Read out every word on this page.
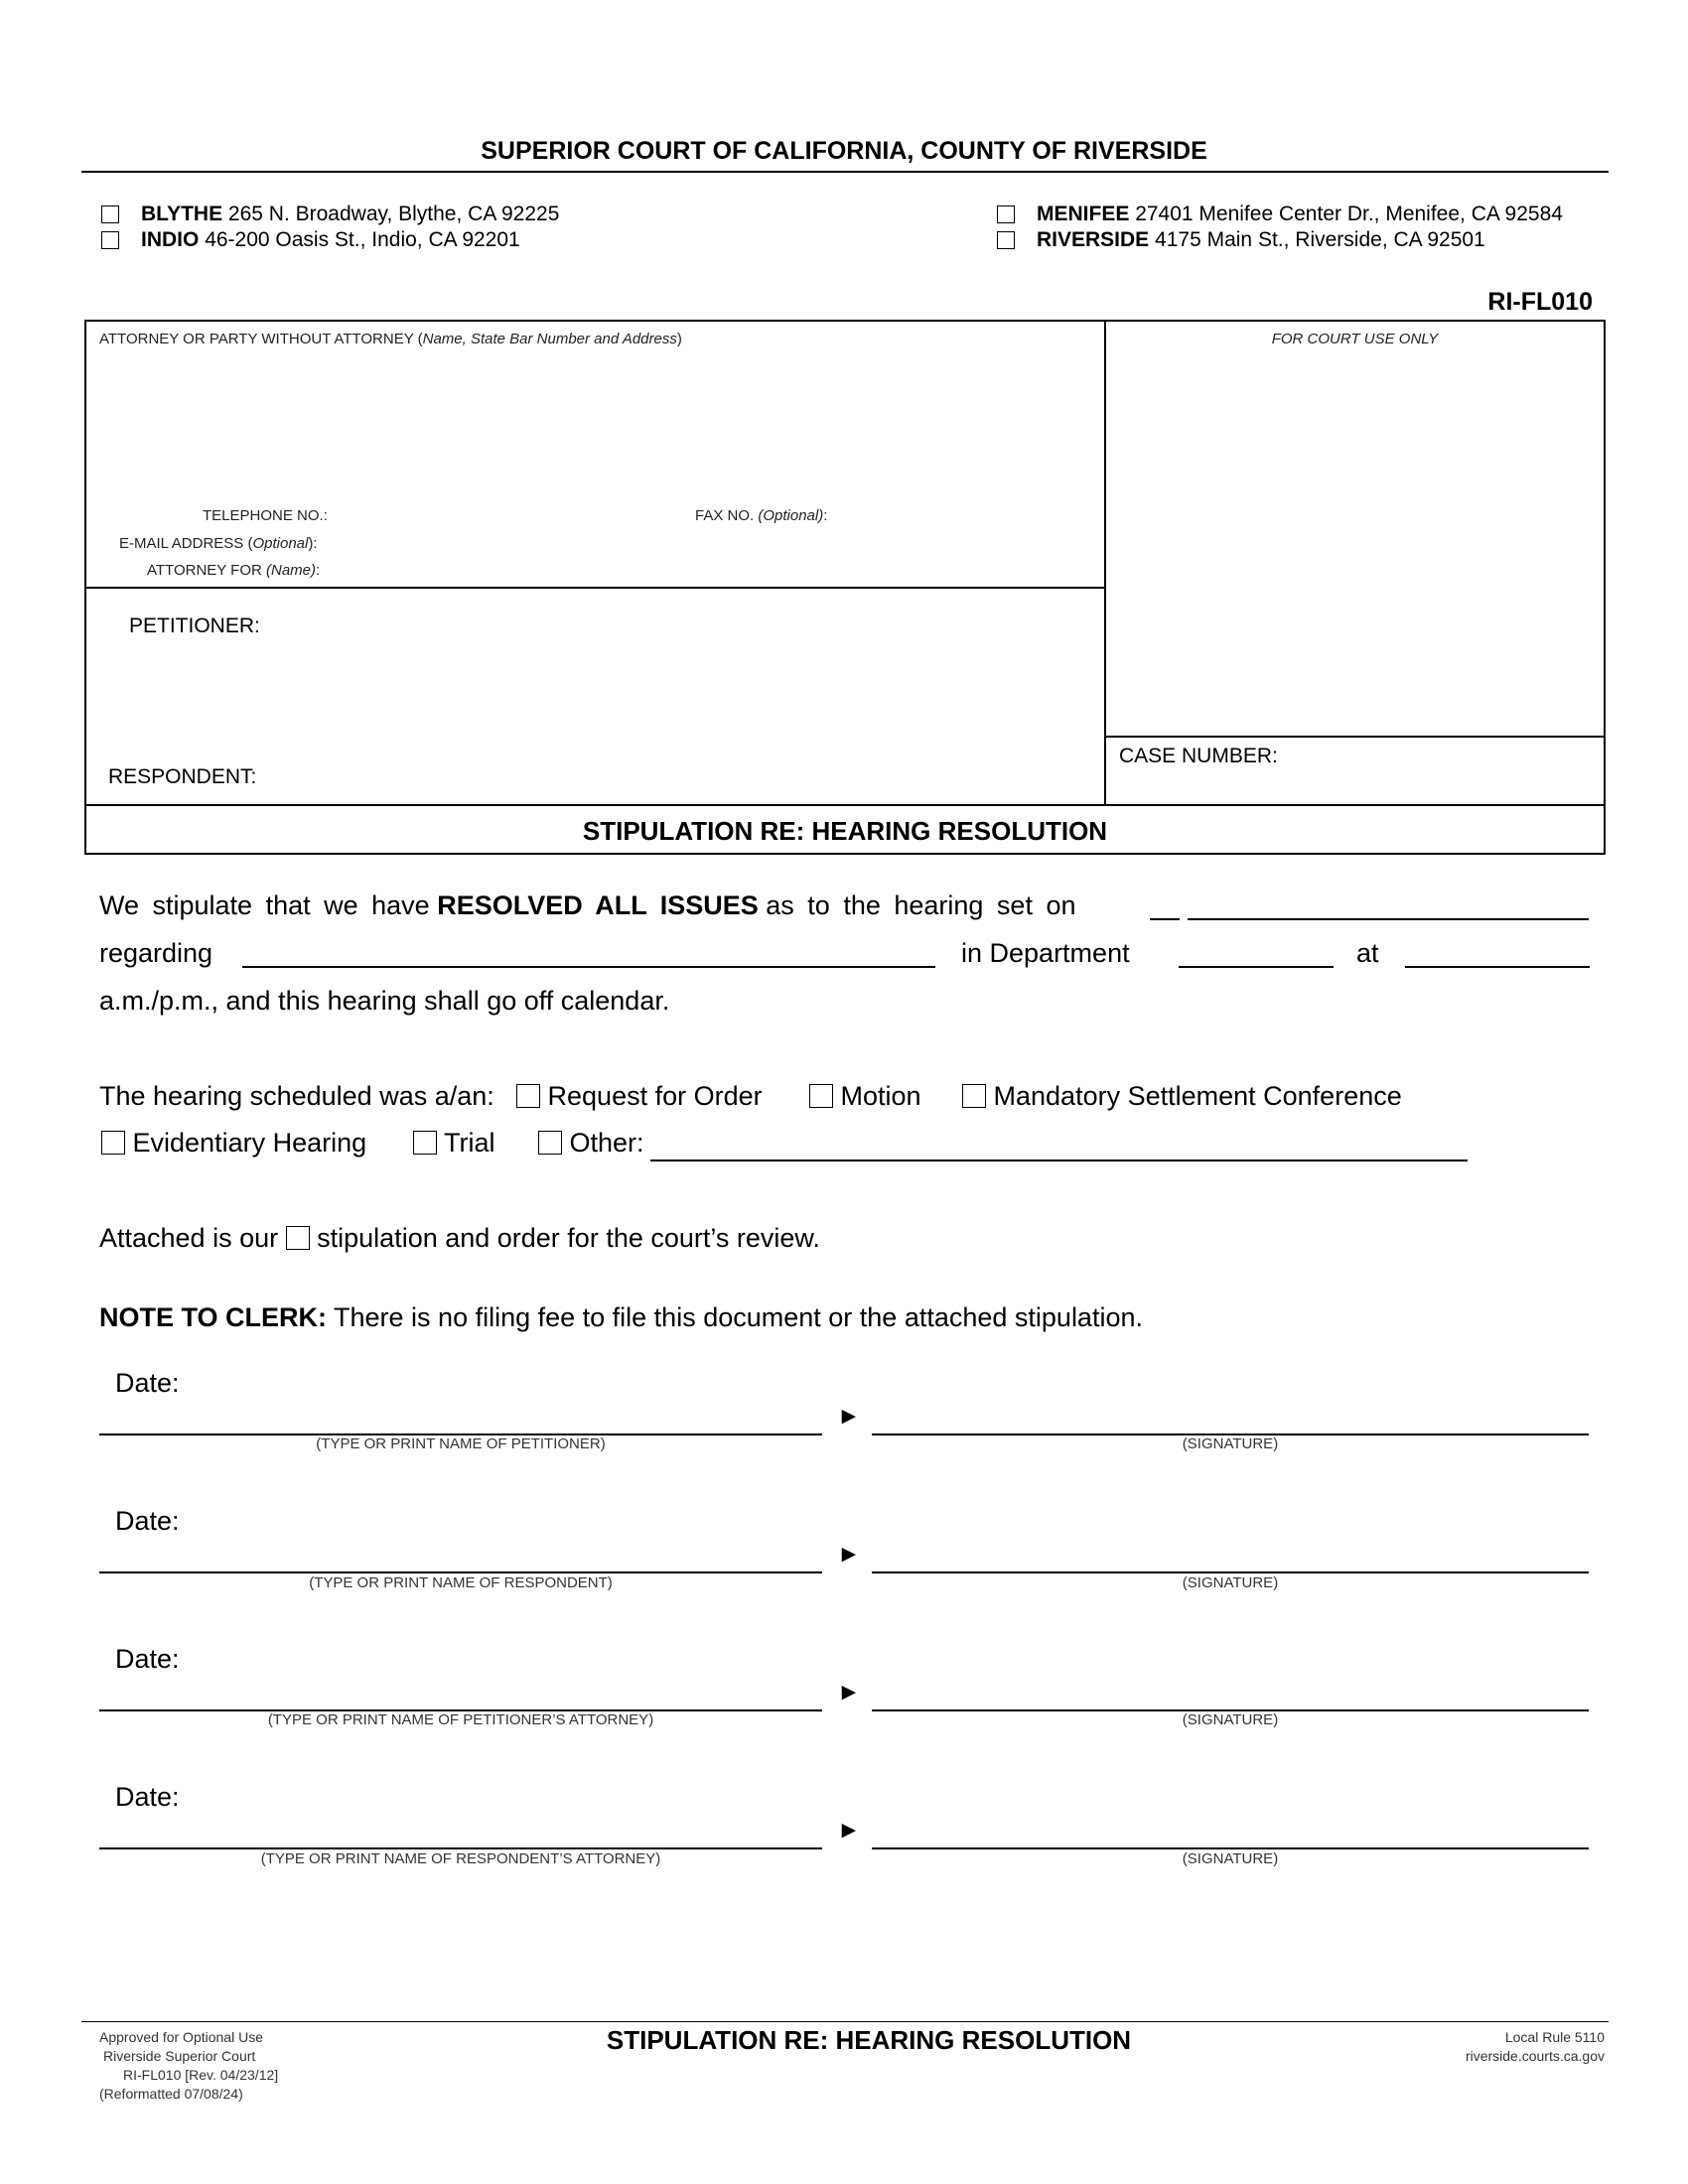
SUPERIOR COURT OF CALIFORNIA, COUNTY OF RIVERSIDE
BLYTHE 265 N. Broadway, Blythe, CA 92225
INDIO 46-200 Oasis St., Indio, CA 92201
MENIFEE 27401 Menifee Center Dr., Menifee, CA 92584
RIVERSIDE 4175 Main St., Riverside, CA 92501
RI-FL010
ATTORNEY OR PARTY WITHOUT ATTORNEY (Name, State Bar Number and Address)	FOR COURT USE ONLY
TELEPHONE NO.:	FAX NO. (Optional):
E-MAIL ADDRESS (Optional):
ATTORNEY FOR (Name):
PETITIONER:
RESPONDENT:
CASE NUMBER:
STIPULATION RE: HEARING RESOLUTION
We stipulate that we have RESOLVED ALL ISSUES as to the hearing set on
regarding	in Department	at
a.m./p.m., and this hearing shall go off calendar.
The hearing scheduled was a/an:	Request for Order	Motion	Mandatory Settlement Conference
Evidentiary Hearing	Trial	Other:
Attached is our stipulation and order for the court’s review.
NOTE TO CLERK: There is no filing fee to file this document or the attached stipulation.
Date:
►
(TYPE OR PRINT NAME OF PETITIONER)	(SIGNATURE)
Date:
►
(TYPE OR PRINT NAME OF RESPONDENT)	(SIGNATURE)
Date:
►
(TYPE OR PRINT NAME OF PETITIONER’S ATTORNEY)	(SIGNATURE)
Date:
►
(TYPE OR PRINT NAME OF RESPONDENT’S ATTORNEY)	(SIGNATURE)
Approved for Optional Use
Riverside Superior Court
RI-FL010 [Rev. 04/23/12]
(Reformatted 07/08/24)
STIPULATION RE: HEARING RESOLUTION	Local Rule 5110
riverside.courts.ca.gov
